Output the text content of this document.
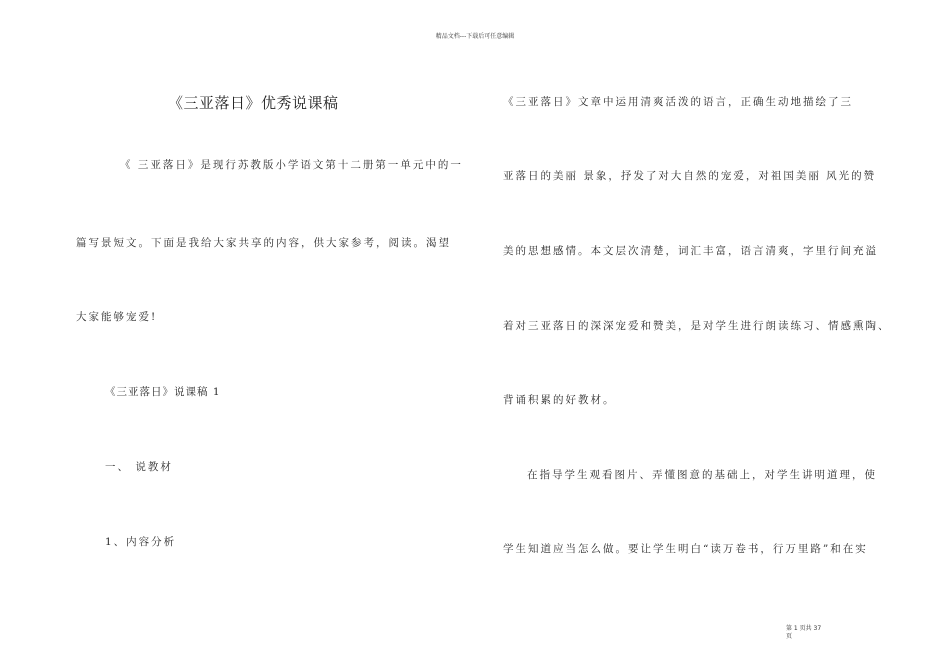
精品文档---下载后可任意编辑
《三亚落日》优秀说课稿
《 三亚落日》是现行苏教版小学语文第十二册第一单元中的一
篇写景短文。下面是我给大家共享的内容，供大家参考，阅读。渴望
大家能够宠爱!
《三亚落日》说课稿 1
一、 说教材
1、内容分析
《三亚落日》文章中运用清爽活泼的语言，正确生动地描绘了三
亚落日的美丽 景象，抒发了对大自然的宠爱，对祖国美丽 风光的赞
美的思想感情。本文层次清楚，词汇丰富，语言清爽，字里行间充溢
着对三亚落日的深深宠爱和赞美，是对学生进行朗读练习、情感熏陶、
背诵积累的好教材。
在指导学生观看图片、弄懂图意的基础上，对学生讲明道理，使
学生知道应当怎么做。要让学生明白“读万卷书，行万里路”和在实
第 1 页共 37
页
